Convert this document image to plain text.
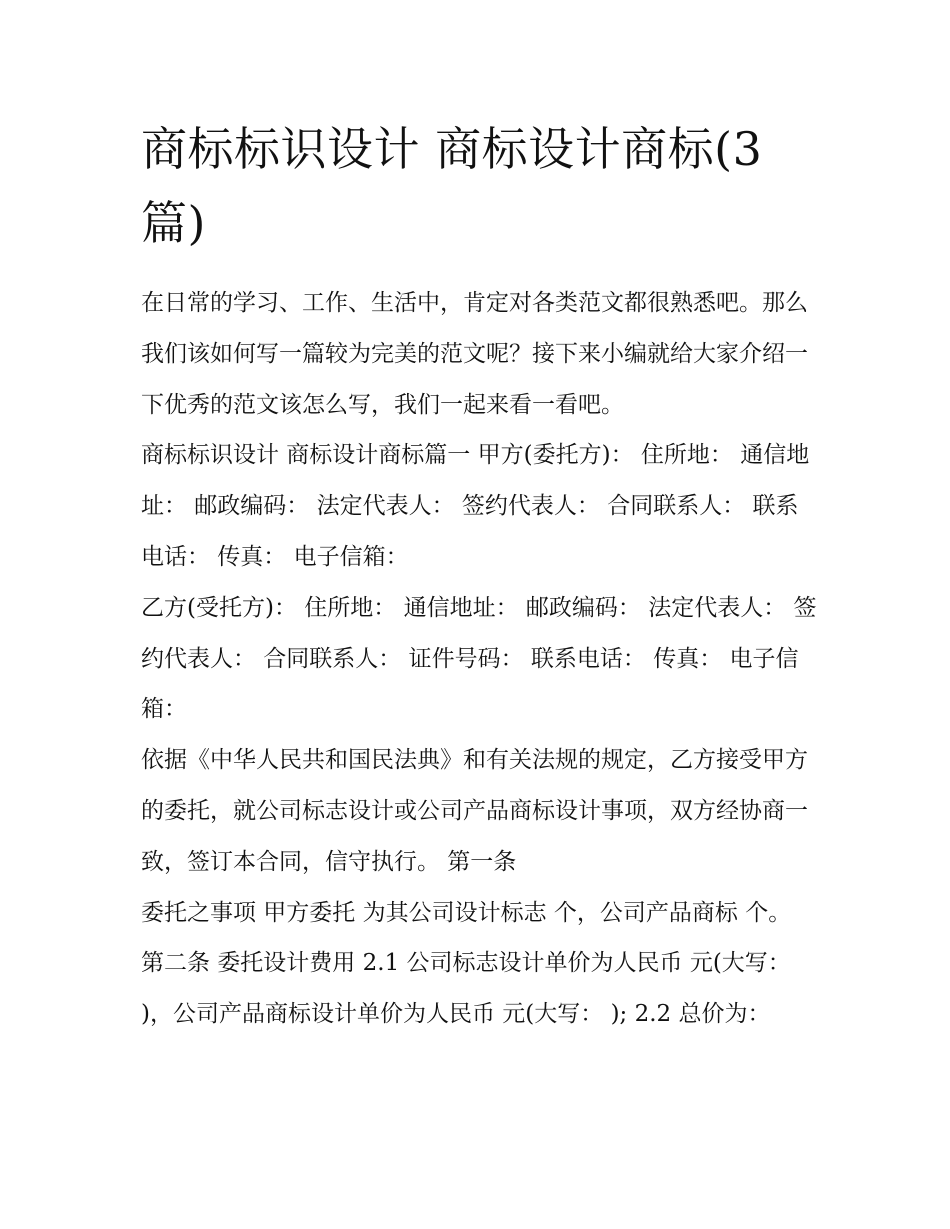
商标标识设计 商标设计商标(3篇)

在日常的学习、工作、生活中，肯定对各类范文都很熟悉吧。那么我们该如何写一篇较为完美的范文呢？接下来小编就给大家介绍一下优秀的范文该怎么写，我们一起来看一看吧。

商标标识设计 商标设计商标篇一 甲方(委托方)： 住所地： 通信地址： 邮政编码： 法定代表人： 签约代表人： 合同联系人： 联系电话： 传真： 电子信箱：

乙方(受托方)： 住所地： 通信地址： 邮政编码： 法定代表人： 签约代表人： 合同联系人： 证件号码： 联系电话： 传真： 电子信箱：

依据《中华人民共和国民法典》和有关法规的规定，乙方接受甲方的委托，就公司标志设计或公司产品商标设计事项，双方经协商一致，签订本合同，信守执行。 第一条

委托之事项 甲方委托 为其公司设计标志 个，公司产品商标 个。 第二条 委托设计费用 2.1 公司标志设计单价为人民币 元(大写：

)，公司产品商标设计单价为人民币 元(大写： ); 2.2 总价为：
